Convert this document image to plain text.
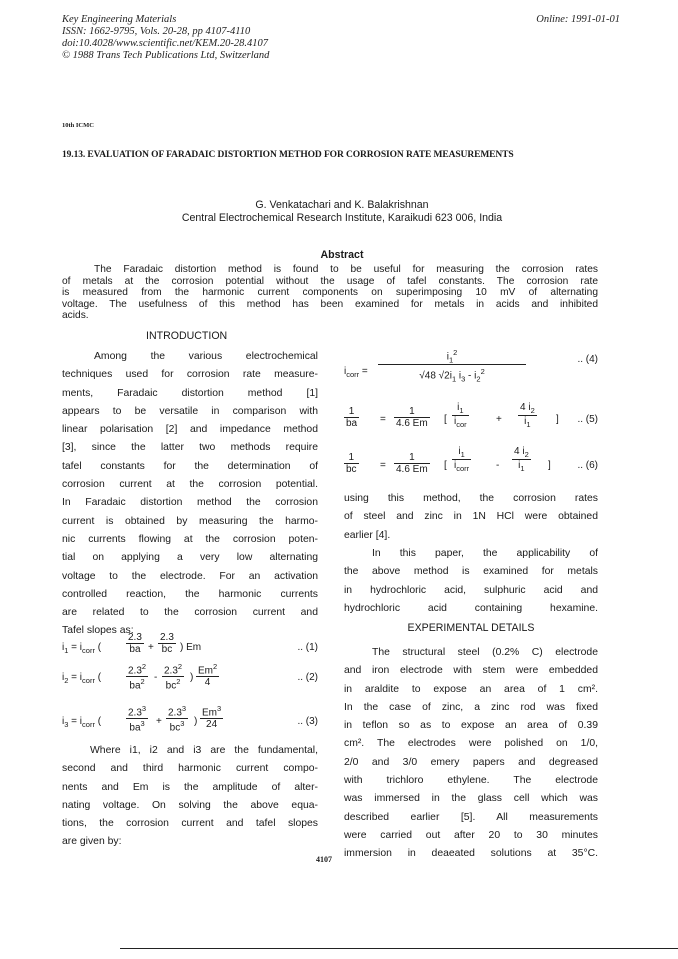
Key Engineering Materials
ISSN: 1662-9795, Vols. 20-28, pp 4107-4110
doi:10.4028/www.scientific.net/KEM.20-28.4107
© 1988 Trans Tech Publications Ltd, Switzerland
Online: 1991-01-01
10th ICMC
19.13. EVALUATION OF FARADAIC DISTORTION METHOD FOR CORROSION RATE MEASUREMENTS
G. Venkatachari and K. Balakrishnan
Central Electrochemical Research Institute, Karaikudi 623 006, India
Abstract
The Faradaic distortion method is found to be useful for measuring the corrosion rates
of metals at the corrosion potential without the usage of tafel constants. The corrosion rate
is measured from the harmonic current components on superimposing 10 mV of alternating
voltage. The usefulness of this method has been examined for metals in acids and inhibited
acids.
INTRODUCTION
Among the various electrochemical
techniques used for corrosion rate measure-
ments, Faradaic distortion method [1]
appears to be versatile in comparison with
linear polarisation [2] and impedance method
[3], since the latter two methods require
tafel constants for the determination of
corrosion current at the corrosion potential.
In Faradaic distortion method the corrosion
current is obtained by measuring the harmo-
nic currents flowing at the corrosion poten-
tial on applying a very low alternating
voltage to the electrode. For an activation
controlled reaction, the harmonic currents
are related to the corrosion current and
Tafel slopes as:
$i_1 = i_{corr}$ ( $\frac{2.3}{ba} + \frac{2.3}{bc}$ ) Em	.. (1)
$i_2 = i_{corr}$ ( $\frac{2.3^2}{ba^2} - \frac{2.3^2}{bc^2}$ ) $\frac{Em^2}{4}$	.. (2)
$i_3 = i_{corr}$ ( $\frac{2.3^3}{ba^3} + \frac{2.3^3}{bc^3}$ ) $\frac{Em^3}{24}$	.. (3)
Where i1, i2 and i3 are the fundamental,
second and third harmonic current compo-
nents and Em is the amplitude of alter-
nating voltage. On solving the above equa-
tions, the corrosion current and tafel slopes
are given by:
$i_{corr}$ =
$i_1^2$
√48 $√2i_1$ $i_3 - i_2^2$
.. (4)
$\frac{1}{ba} = \frac{1}{4.6 Em}$ [
$i_1$
$i_{cor}$	+ $\frac{4 i_2}{i_1}$ ] .. (5)
$\frac{1}{bc} = \frac{1}{4.6 Em}$ [
$i_1$
$i_{corr}$	- $\frac{4 i_2}{i_1}$ ]	.. (6)
using this method, the corrosion rates
of steel and zinc in 1N HCl were obtained
earlier [4].
In this paper, the applicability of
the above method is examined for metals
in hydrochloric acid, sulphuric acid and
hydrochloric acid containing hexamine.
EXPERIMENTAL DETAILS
The structural steel (0.2% C) electrode
and iron electrode with stem were embedded
in araldite to expose an area of 1 cm².
In the case of zinc, a zinc rod was fixed
in teflon so as to expose an area of 0.39
cm². The electrodes were polished on 1/0,
2/0 and 3/0 emery papers and degreased
with trichloro ethylene. The electrode
was immersed in the glass cell which was
described earlier [5]. All measurements
were carried out after 20 to 30 minutes
immersion in deaeated solutions at 35°C.
4107
